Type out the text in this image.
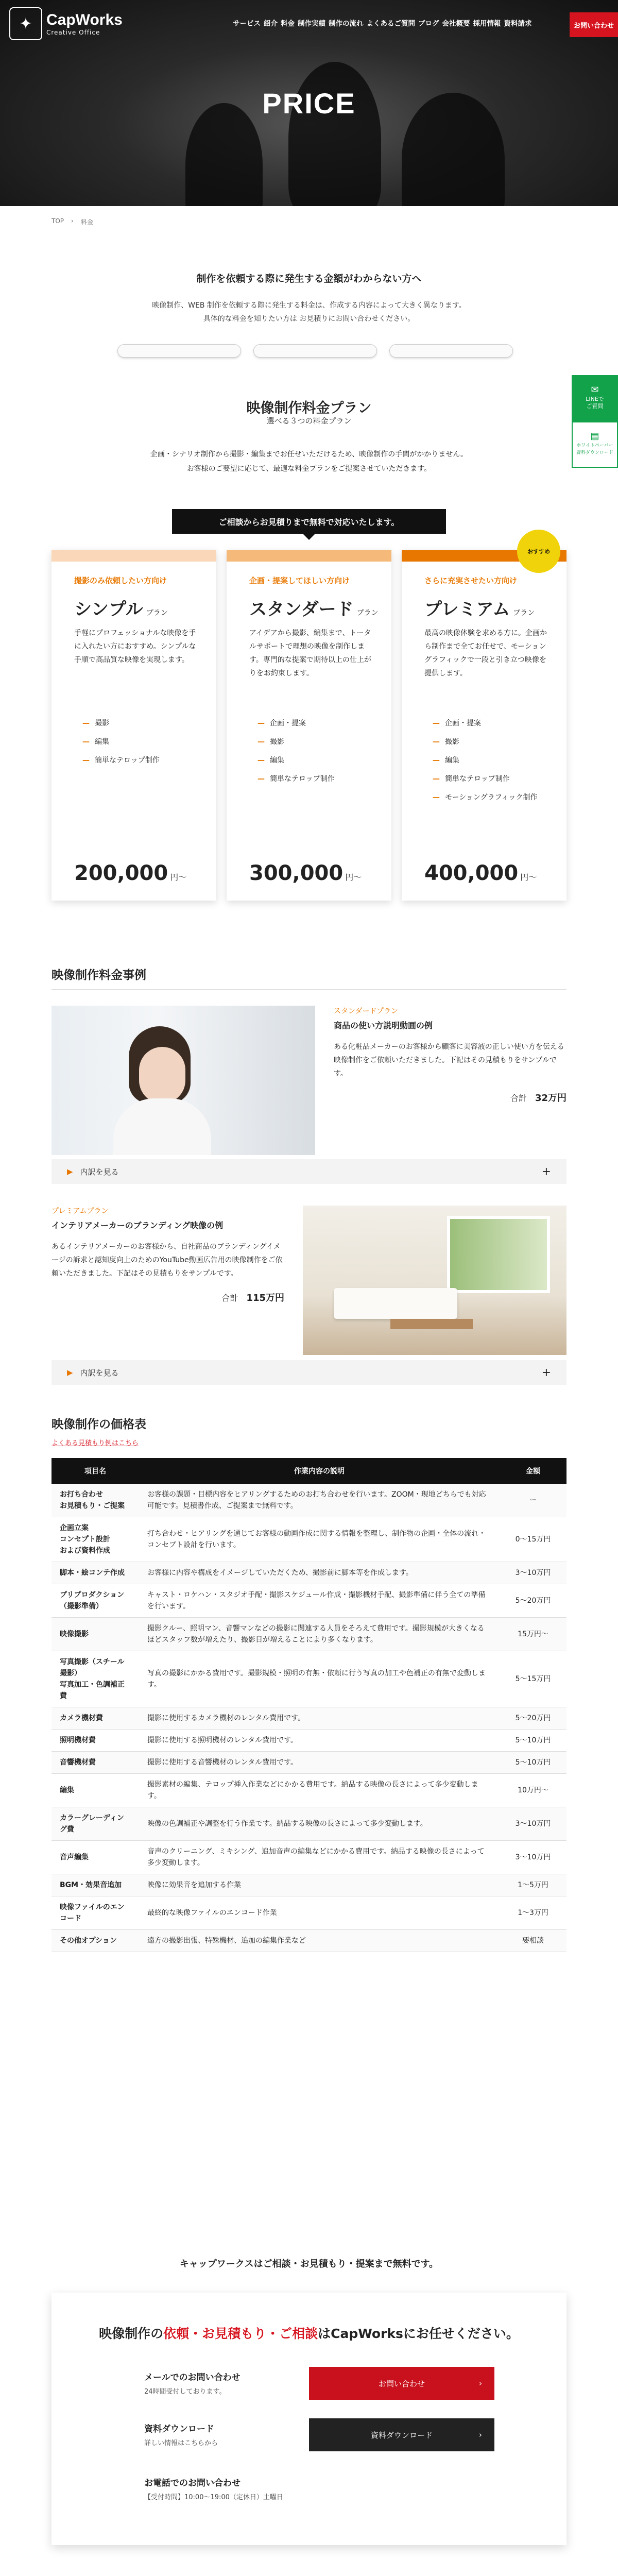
✦ CapWorks
Creative Office
サービス 紹介 料金 制作実績 制作の流れ よくあるご質問 ブログ 会社概要 採用情報 資料請求	お問い合わせ
PRICE
TOP › 料金
制作を依頼する際に発生する金額がわからない方へ
映像制作、WEB 制作を依頼する際に発生する料金は、作成する内容によって大きく異なります。
具体的な料金を知りたい方は お見積りにお問い合わせください。
✉
LINEで
ご質問
▤
ホワイトペーパー
資料ダウンロード
映像制作料金プラン
選べる３つの料金プラン
企画・シナリオ制作から撮影・編集までお任せいただけるため、映像制作の手間がかかりません。
お客様のご要望に応じて、最適な料金プランをご提案させていただきます。
ご相談からお見積りまで無料で対応いたします。
撮影のみ依頼したい方向け
シンプル プラン
手軽にプロフェッショナルな映像を手に入れたい方におすすめ。シンプルな手順で高品質な映像を実現します。
— 撮影
— 編集
— 簡単なテロップ制作
200,000 円〜
企画・提案してほしい方向け
スタンダード プラン
アイデアから撮影、編集まで、トータルサポートで理想の映像を制作します。専門的な提案で期待以上の仕上がりをお約束します。
— 企画・提案
— 撮影
— 編集
— 簡単なテロップ制作
300,000 円〜
さらに充実させたい方向け
プレミアム プラン
最高の映像体験を求める方に。企画から制作まで全てお任せで、モーショングラフィックで一段と引き立つ映像を提供します。
— 企画・提案
— 撮影
— 編集
— 簡単なテロップ制作
— モーショングラフィック制作
400,000 円〜
おすすめ
映像制作料金事例
スタンダードプラン
商品の使い方説明動画の例
ある化粧品メーカーのお客様から顧客に美容液の正しい使い方を伝える映像制作をご依頼いただきました。下記はその見積もりをサンプルです。
合計　 32万円
▶ 内訳を見る	+
プレミアムプラン
インテリアメーカーのブランディング映像の例
あるインテリアメーカーのお客様から、自社商品のブランディングイメージの訴求と認知度向上のためのYouTube動画広告用の映像制作をご依頼いただきました。下記はその見積もりをサンプルです。
合計　 115万円
▶ 内訳を見る	+
映像制作の価格表
よくある見積もり例はこちら
項目名	作業内容の説明	金額
お打ち合わせ
お見積もり・ご提案	お客様の課題・目標内容をヒアリングするためのお打ち合わせを行います。ZOOM・現地どちらでも対応可能です。見積書作成、ご提案まで無料です。	ー
企画立案
コンセプト設計
および資料作成	打ち合わせ・ヒアリングを通じてお客様の動画作成に関する情報を整理し、制作物の企画・全体の流れ・コンセプト設計を行います。	0〜15万円
脚本・絵コンテ作成	お客様に内容や構成をイメージしていただくため、撮影前に脚本等を作成します。	3〜10万円
プリプロダクション
（撮影準備）	キャスト・ロケハン・スタジオ手配・撮影スケジュール作成・撮影機材手配、撮影準備に伴う全ての準備を行います。	5〜20万円
映像撮影	撮影クルー、照明マン、音響マンなどの撮影に関連する人員をそろえて費用です。撮影規模が大きくなるほどスタッフ数が増えたり、撮影日が増えることにより多くなります。	15万円〜
写真撮影（スチール撮影）
写真加工・色調補正費	写真の撮影にかかる費用です。撮影規模・照明の有無・依頼に行う写真の加工や色補正の有無で変動します。	5〜15万円
カメラ機材費	撮影に使用するカメラ機材のレンタル費用です。	5〜20万円
照明機材費	撮影に使用する照明機材のレンタル費用です。	5〜10万円
音響機材費	撮影に使用する音響機材のレンタル費用です。	5〜10万円
編集	撮影素材の編集、テロップ挿入作業などにかかる費用です。納品する映像の長さによって多少変動します。	10万円〜
カラーグレーディング費	映像の色調補正や調整を行う作業です。納品する映像の長さによって多少変動します。	3〜10万円
音声編集	音声のクリーニング、ミキシング、追加音声の編集などにかかる費用です。納品する映像の長さによって多少変動します。	3〜10万円
BGM・効果音追加	映像に効果音を追加する作業	1〜5万円
映像ファイルのエンコード	最終的な映像ファイルのエンコード作業	1〜3万円
その他オプション	遠方の撮影出張、特殊機材、追加の編集作業など	要相談
キャップワークスはご相談・お見積もり・提案まで無料です。
映像制作の依頼・お見積もり・ご相談はCapWorksにお任せください。
メールでのお問い合わせ
24時間受付しております。
お問い合わせ	›
資料ダウンロード
詳しい情報はこちらから
資料ダウンロード	›
お電話でのお問い合わせ
【受付時間】10:00〜19:00（定休日）土曜日
